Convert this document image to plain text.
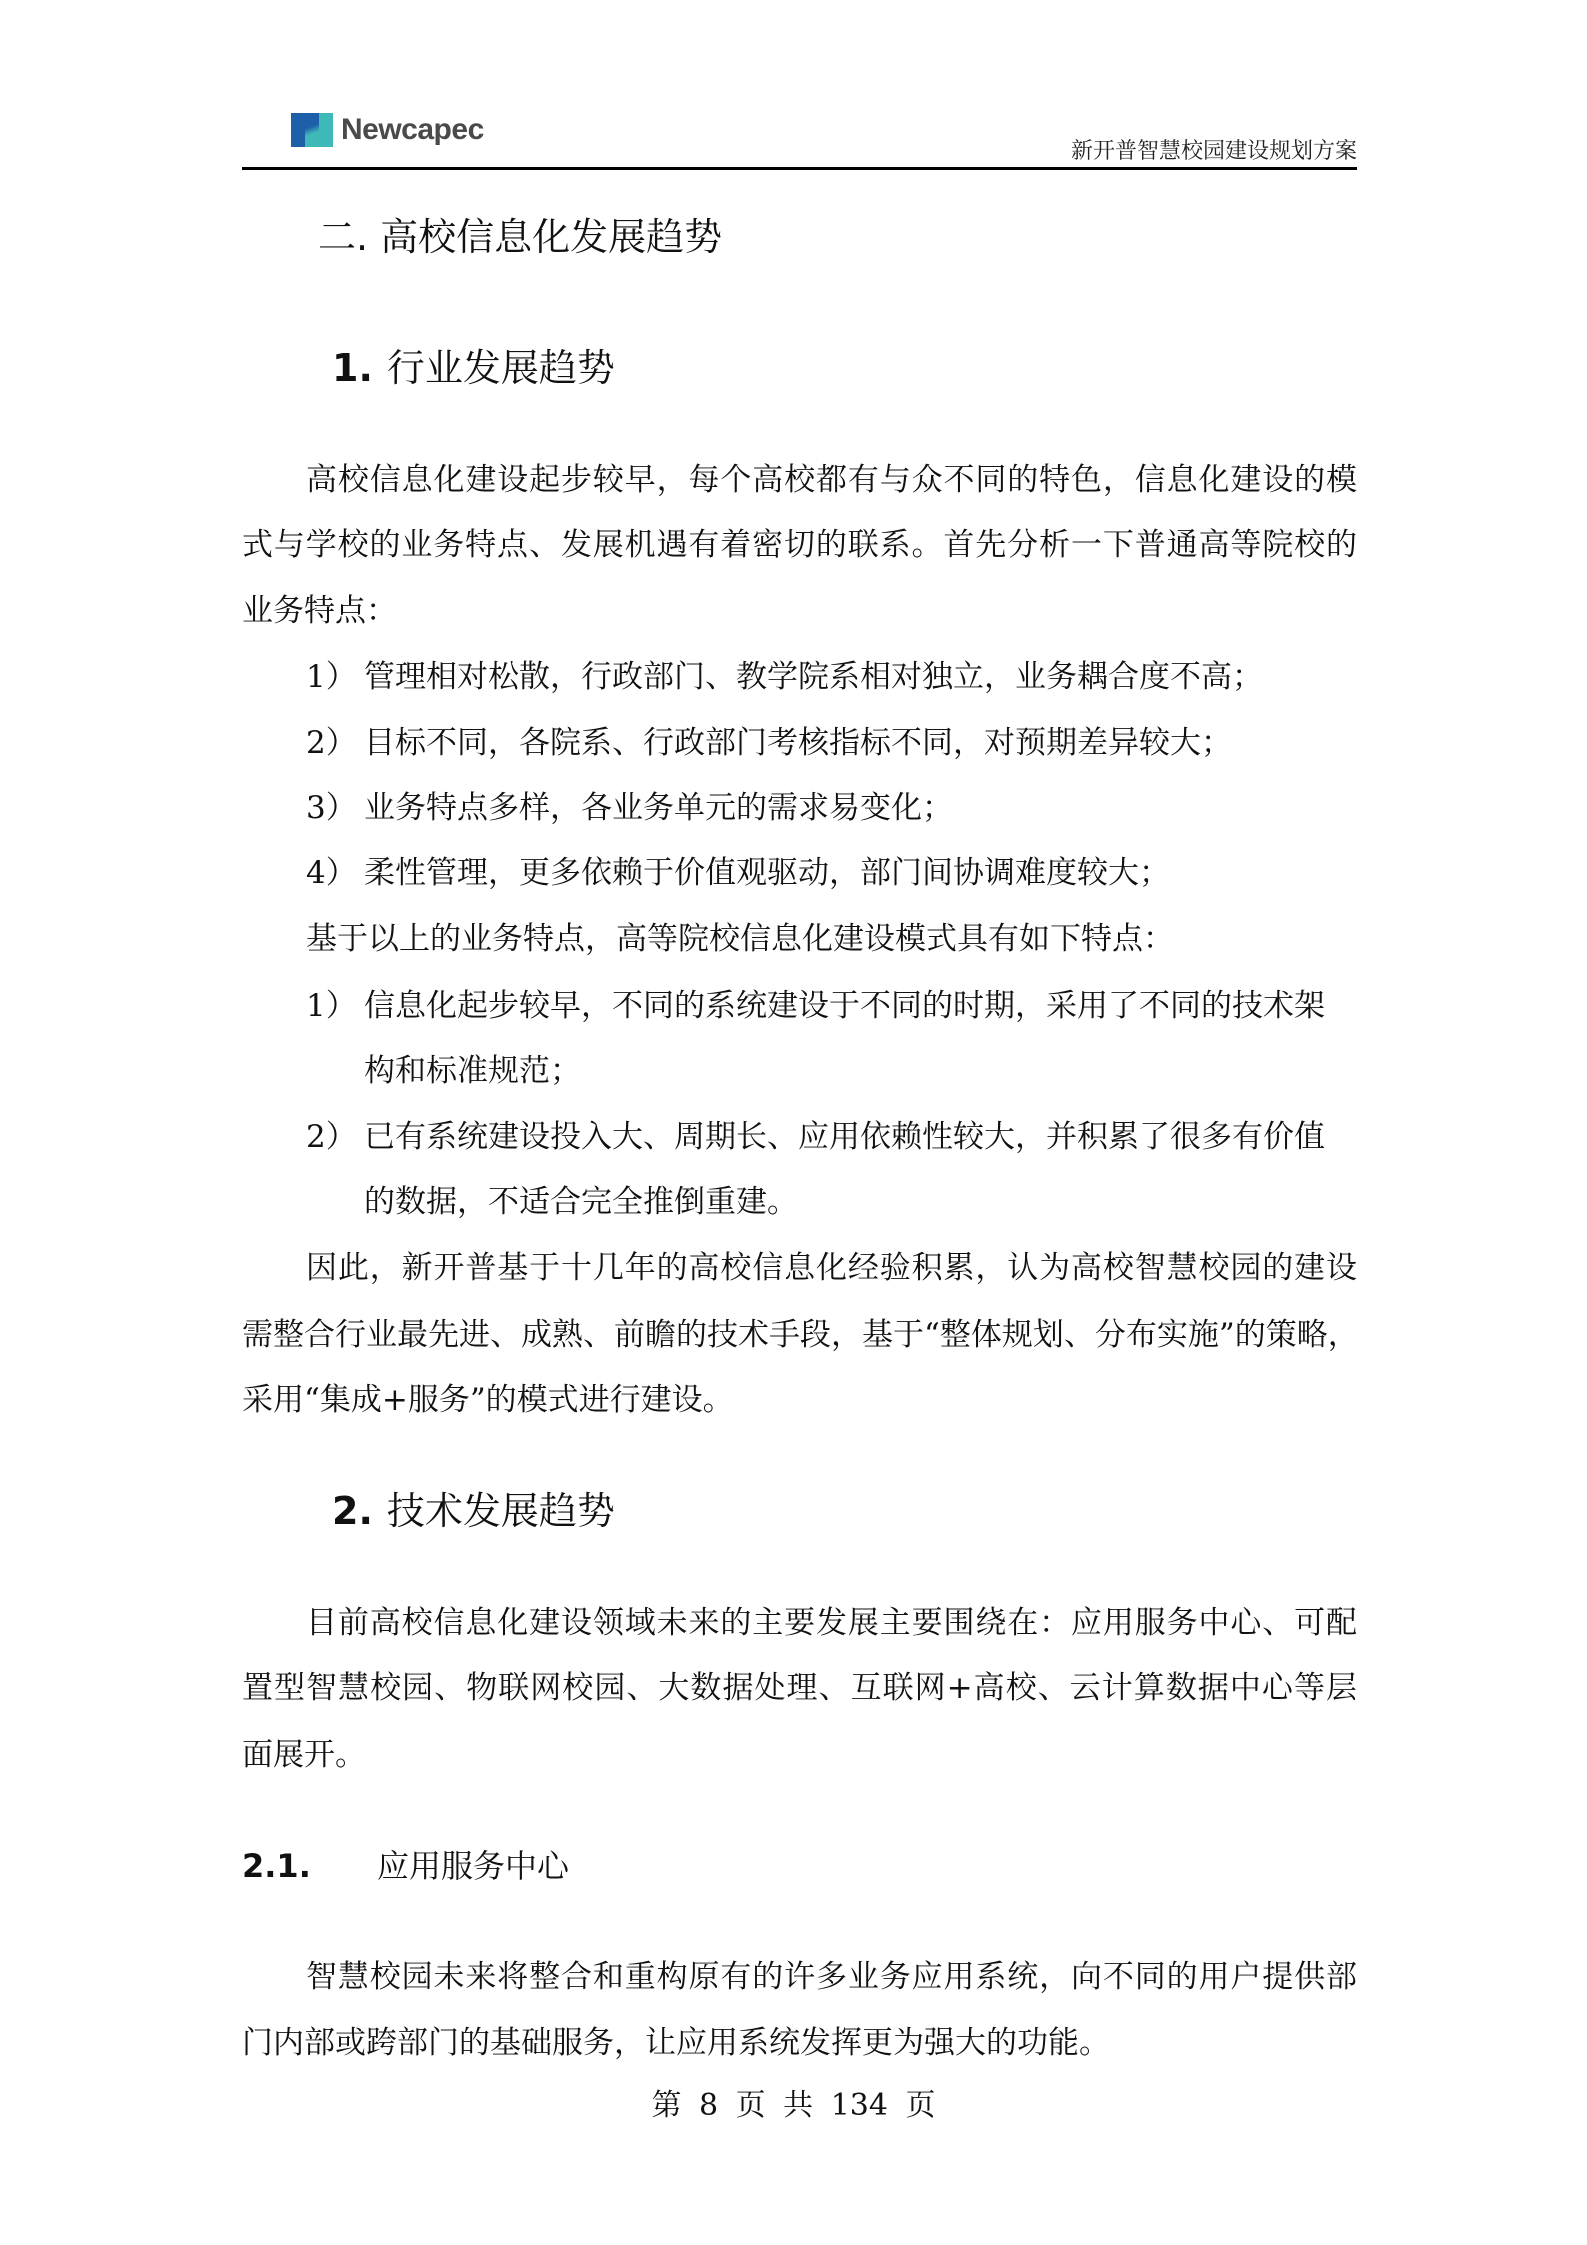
Newcapec
新开普智慧校园建设规划方案
二. 高校信息化发展趋势
1. 行业发展趋势
高校信息化建设起步较早，每个高校都有与众不同的特色，信息化建设的模
式与学校的业务特点、发展机遇有着密切的联系。首先分析一下普通高等院校的
业务特点：
1） 管理相对松散，行政部门、教学院系相对独立，业务耦合度不高；
2） 目标不同，各院系、行政部门考核指标不同，对预期差异较大；
3） 业务特点多样，各业务单元的需求易变化；
4） 柔性管理，更多依赖于价值观驱动，部门间协调难度较大；
基于以上的业务特点，高等院校信息化建设模式具有如下特点：
1） 信息化起步较早，不同的系统建设于不同的时期，采用了不同的技术架
构和标准规范；
2） 已有系统建设投入大、周期长、应用依赖性较大，并积累了很多有价值
的数据，不适合完全推倒重建。
因此，新开普基于十几年的高校信息化经验积累，认为高校智慧校园的建设
需整合行业最先进、成熟、前瞻的技术手段，基于“整体规划、分布实施”的策略，
采用“集成+服务”的模式进行建设。
2. 技术发展趋势
目前高校信息化建设领域未来的主要发展主要围绕在：应用服务中心、可配
置型智慧校园、物联网校园、大数据处理、互联网+高校、云计算数据中心等层
面展开。
2.1. 应用服务中心
智慧校园未来将整合和重构原有的许多业务应用系统，向不同的用户提供部
门内部或跨部门的基础服务，让应用系统发挥更为强大的功能。
第 8 页 共 134 页
